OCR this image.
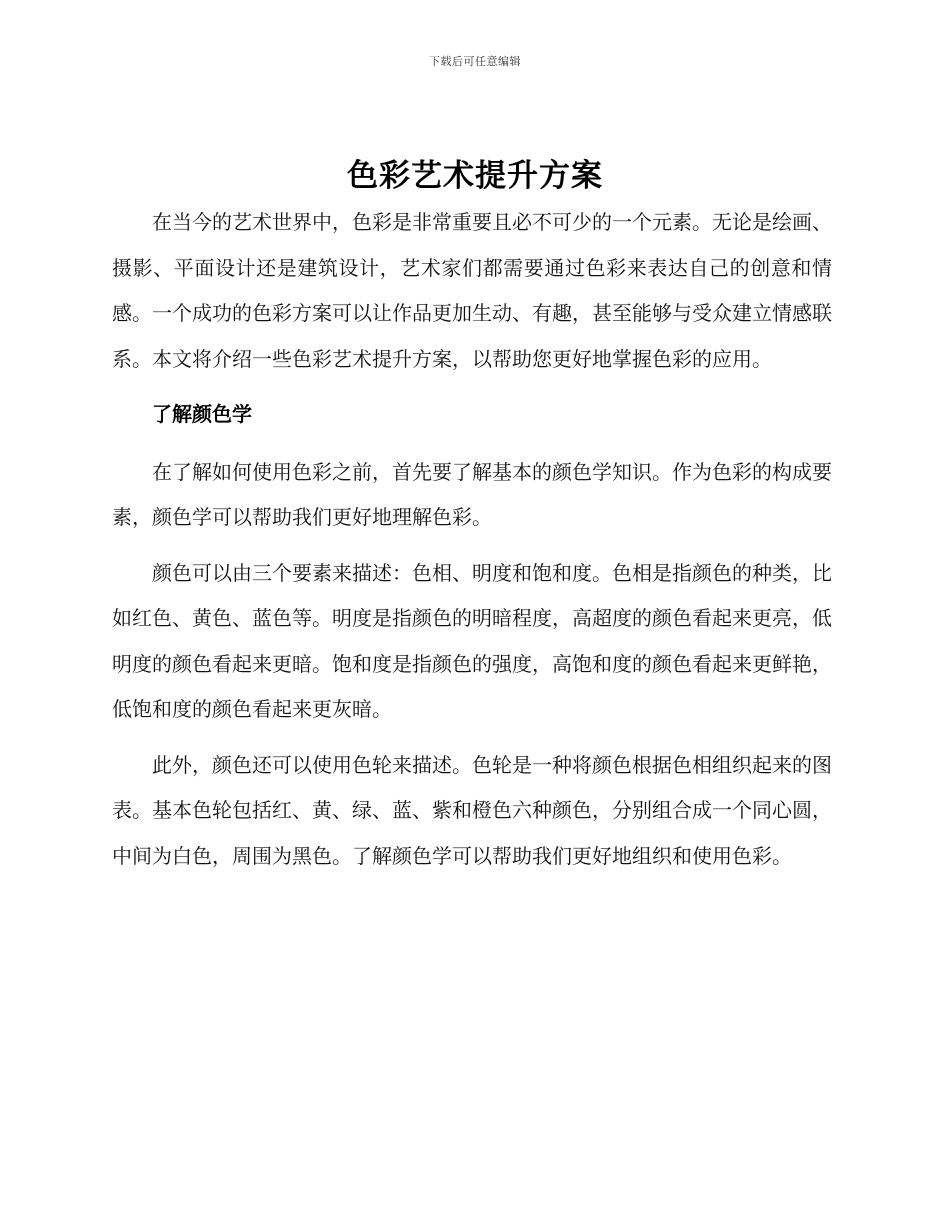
下载后可任意编辑
色彩艺术提升方案

在当今的艺术世界中，色彩是非常重要且必不可少的一个元素。无论是绘画、摄影、平面设计还是建筑设计，艺术家们都需要通过色彩来表达自己的创意和情感。一个成功的色彩方案可以让作品更加生动、有趣，甚至能够与受众建立情感联系。本文将介绍一些色彩艺术提升方案，以帮助您更好地掌握色彩的应用。

了解颜色学

在了解如何使用色彩之前，首先要了解基本的颜色学知识。作为色彩的构成要素，颜色学可以帮助我们更好地理解色彩。

颜色可以由三个要素来描述：色相、明度和饱和度。色相是指颜色的种类，比如红色、黄色、蓝色等。明度是指颜色的明暗程度，高超度的颜色看起来更亮，低明度的颜色看起来更暗。饱和度是指颜色的强度，高饱和度的颜色看起来更鲜艳，低饱和度的颜色看起来更灰暗。

此外，颜色还可以使用色轮来描述。色轮是一种将颜色根据色相组织起来的图表。基本色轮包括红、黄、绿、蓝、紫和橙色六种颜色，分别组合成一个同心圆，中间为白色，周围为黑色。了解颜色学可以帮助我们更好地组织和使用色彩。
